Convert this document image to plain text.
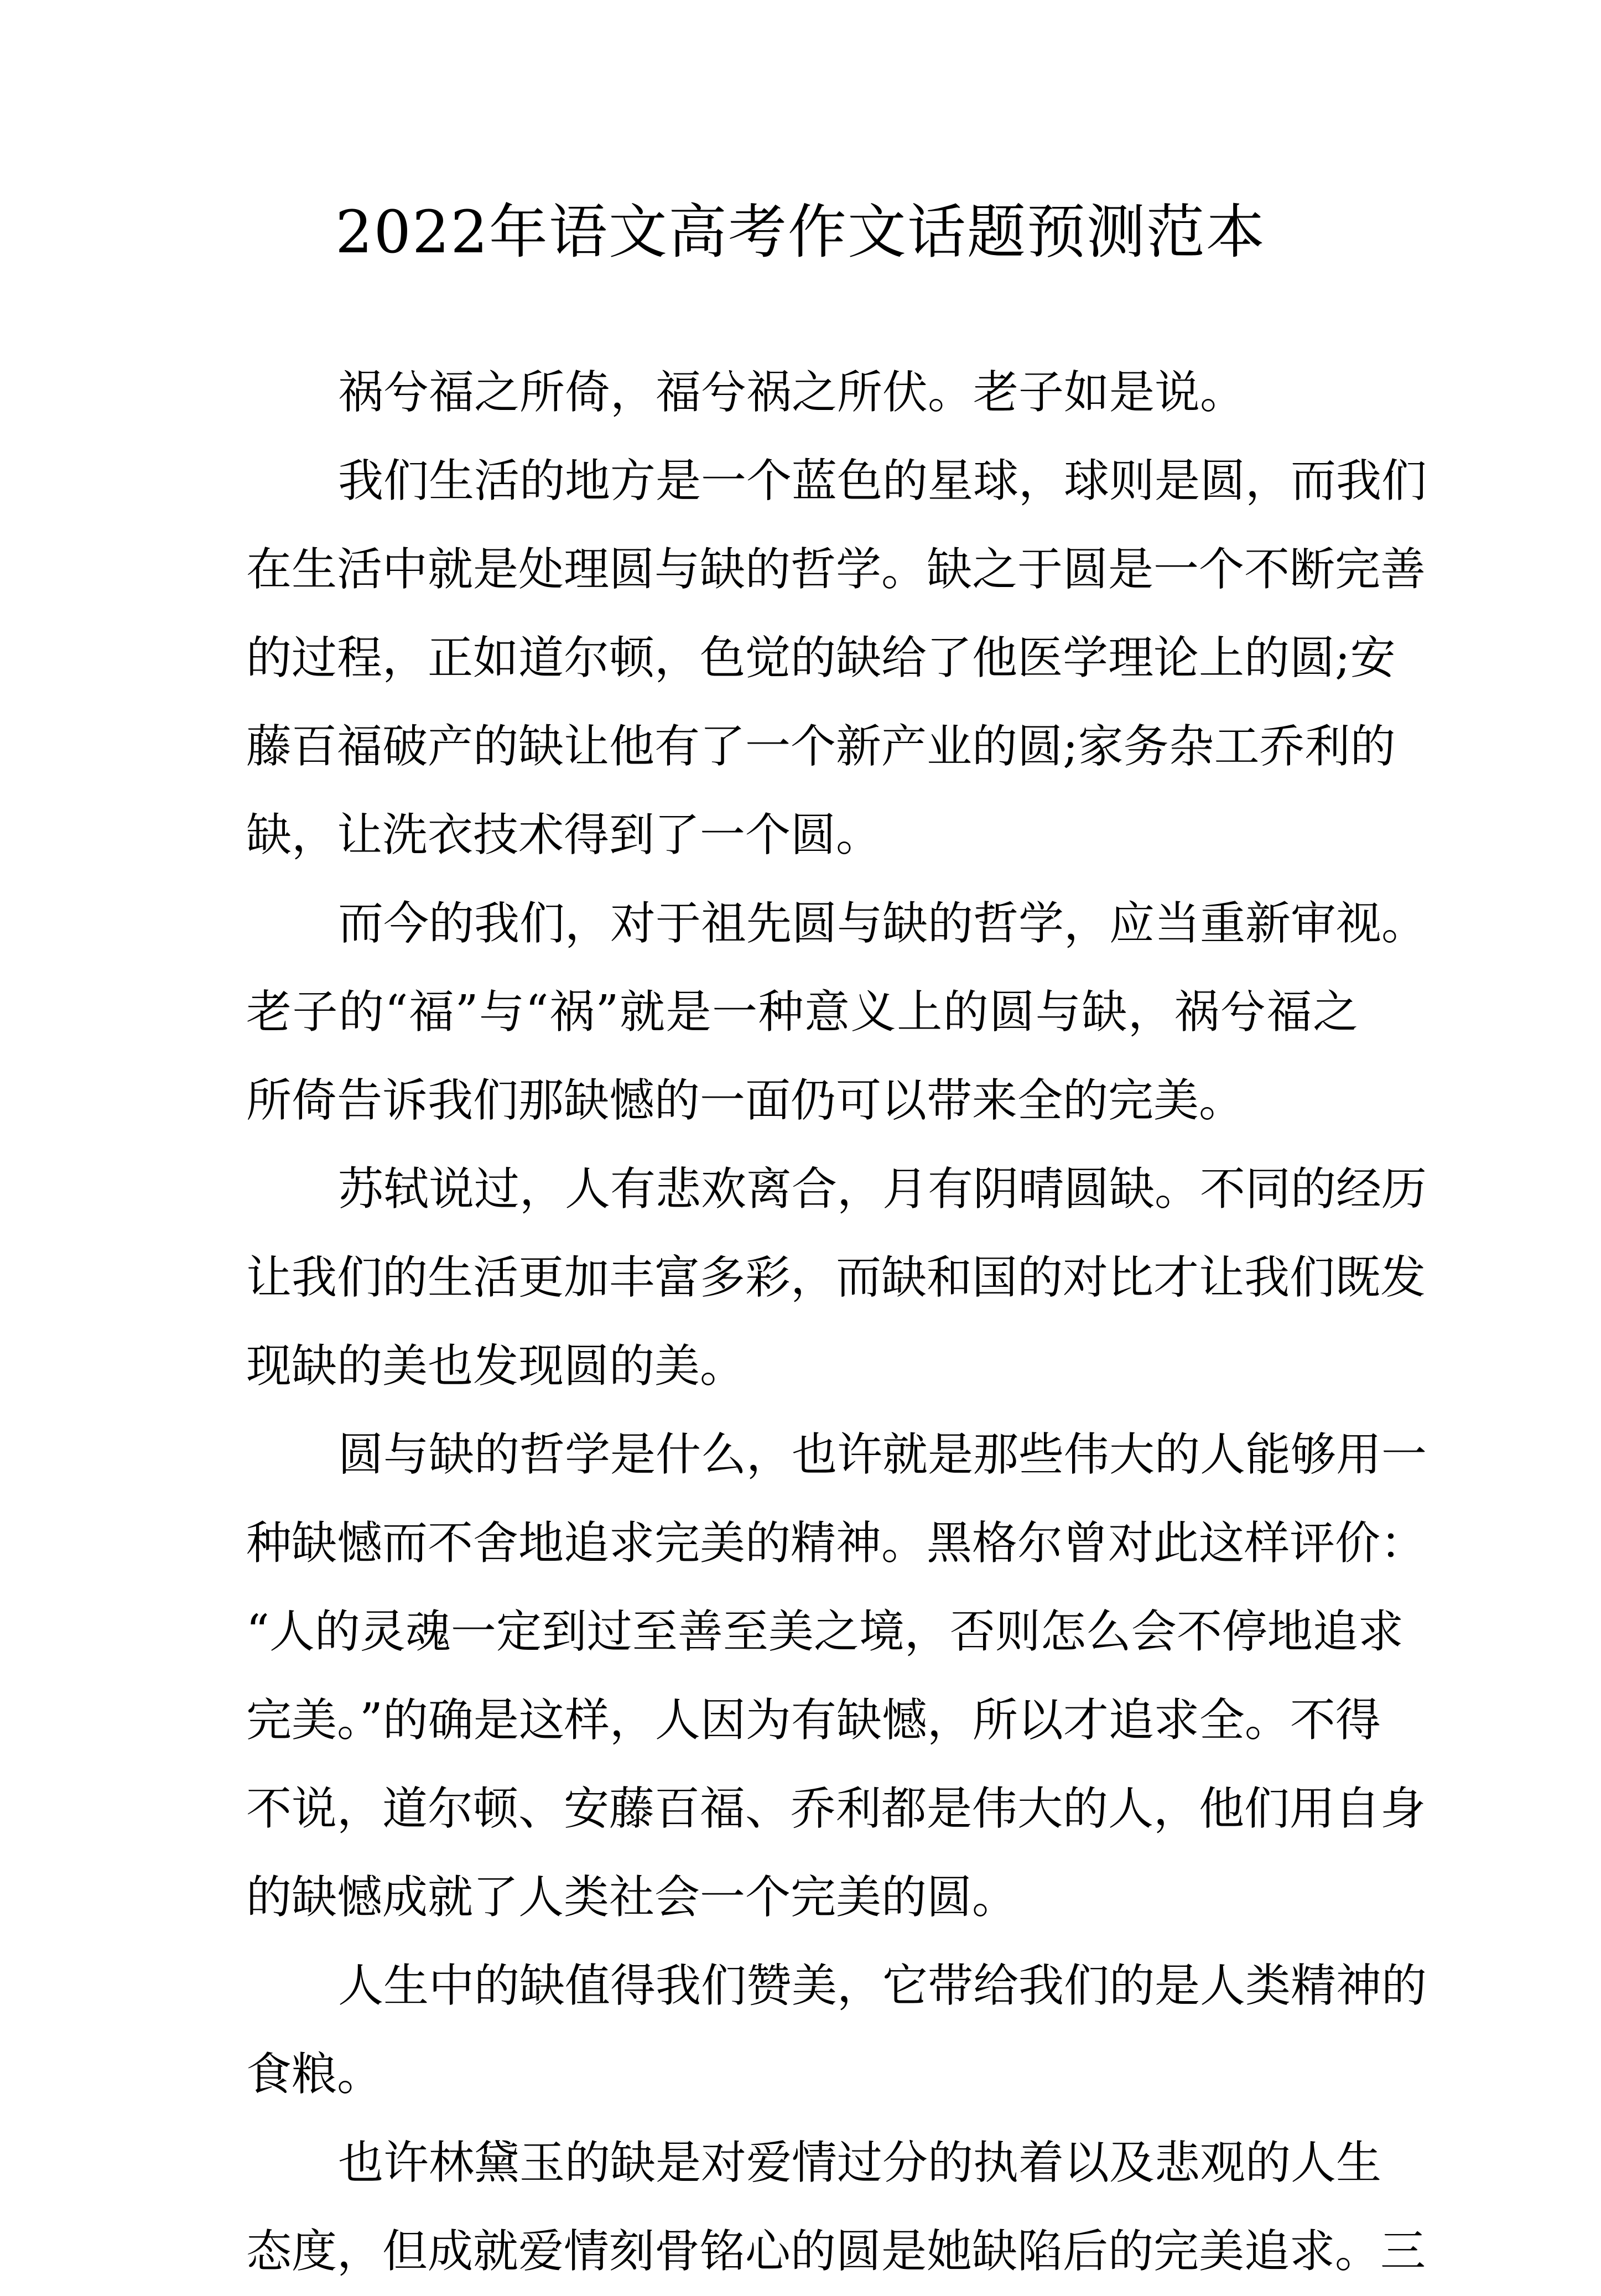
2022年语文高考作文话题预测范本
祸兮福之所倚，福兮祸之所伏。老子如是说。
我们生活的地方是一个蓝色的星球，球则是圆，而我们
在生活中就是处理圆与缺的哲学。缺之于圆是一个不断完善
的过程，正如道尔顿，色觉的缺给了他医学理论上的圆;安
藤百福破产的缺让他有了一个新产业的圆;家务杂工乔利的
缺，让洗衣技术得到了一个圆。
而今的我们，对于祖先圆与缺的哲学，应当重新审视。
老子的“福”与“祸”就是一种意义上的圆与缺，祸兮福之
所倚告诉我们那缺憾的一面仍可以带来全的完美。
苏轼说过，人有悲欢离合，月有阴晴圆缺。不同的经历
让我们的生活更加丰富多彩，而缺和国的对比才让我们既发
现缺的美也发现圆的美。
圆与缺的哲学是什么，也许就是那些伟大的人能够用一
种缺憾而不舍地追求完美的精神。黑格尔曾对此这样评价：
“人的灵魂一定到过至善至美之境，否则怎么会不停地追求
完美。”的确是这样，人因为有缺憾，所以才追求全。不得
不说，道尔顿、安藤百福、乔利都是伟大的人，他们用自身
的缺憾成就了人类社会一个完美的圆。
人生中的缺值得我们赞美，它带给我们的是人类精神的
食粮。
也许林黛玉的缺是对爱情过分的执着以及悲观的人生
态度，但成就爱情刻骨铭心的圆是她缺陷后的完美追求。三
